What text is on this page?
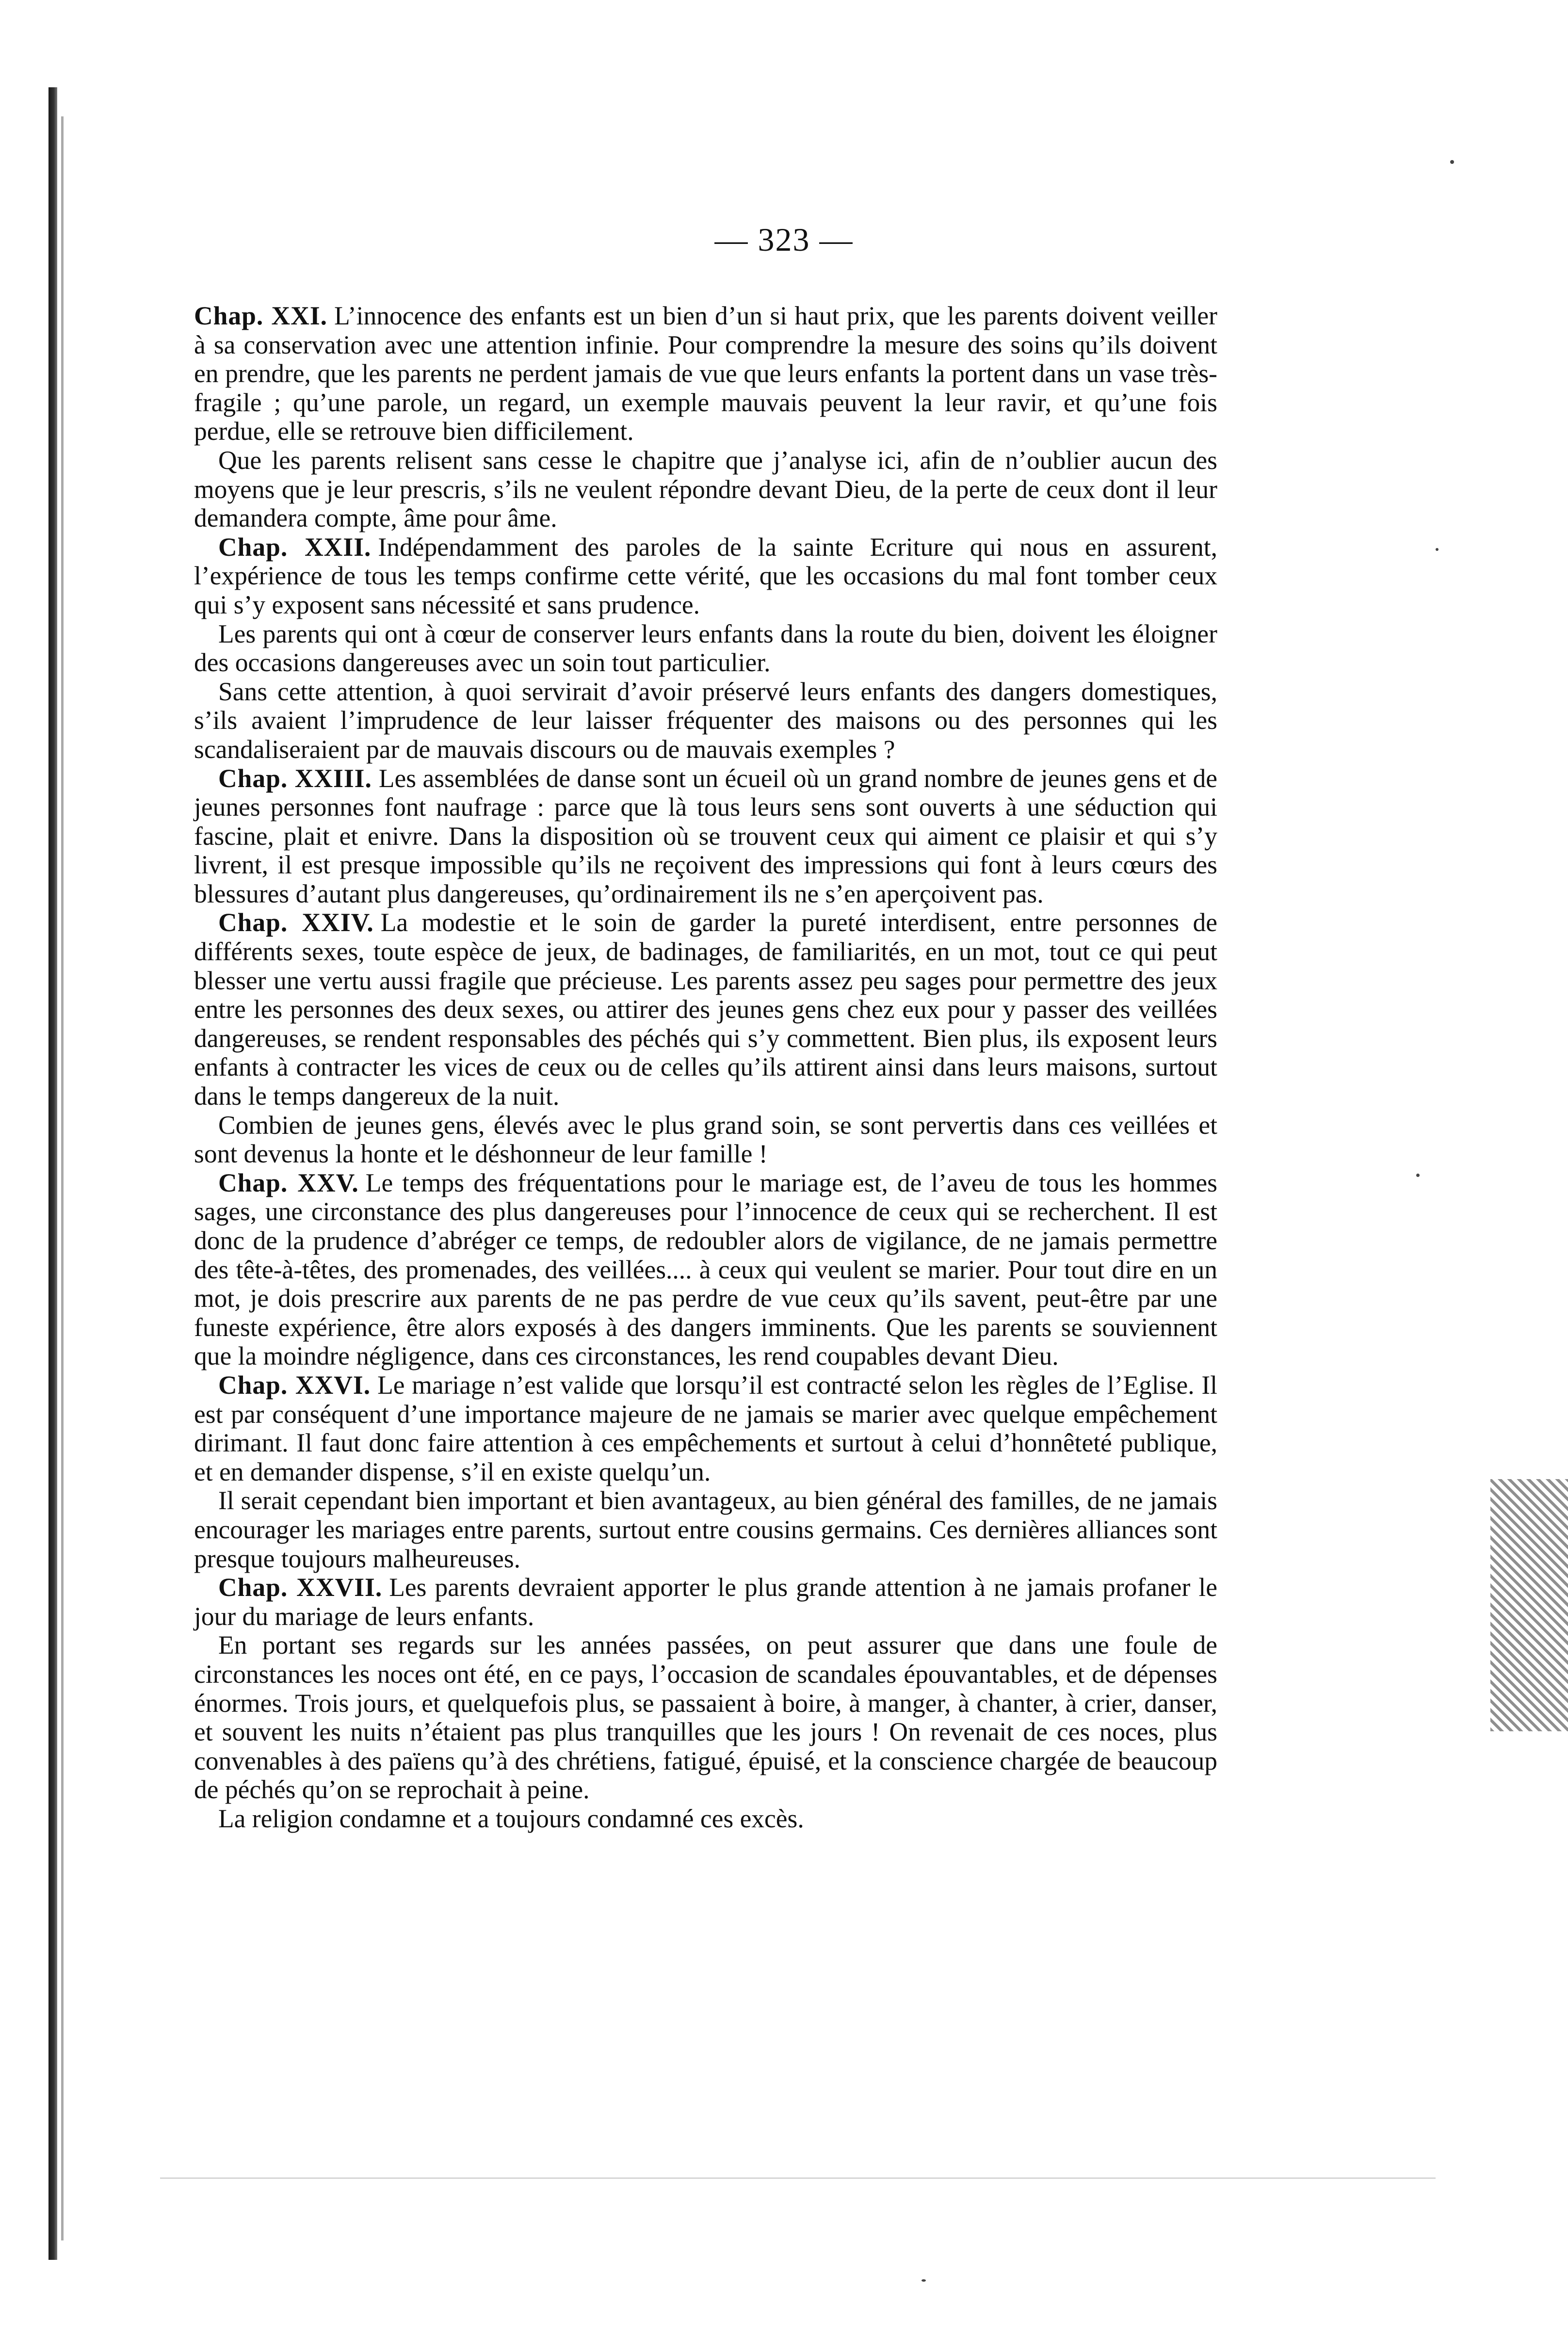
— 323 —

Chap. XXI. L’innocence des enfants est un bien d’un si haut prix, que les parents doivent veiller à sa conservation avec une attention infinie. Pour comprendre la mesure des soins qu’ils doivent en prendre, que les parents ne perdent jamais de vue que leurs enfants la portent dans un vase très-fragile ; qu’une parole, un regard, un exemple mauvais peuvent la leur ravir, et qu’une fois perdue, elle se retrouve bien difficilement.

Que les parents relisent sans cesse le chapitre que j’analyse ici, afin de n’oublier aucun des moyens que je leur prescris, s’ils ne veulent répondre devant Dieu, de la perte de ceux dont il leur demandera compte, âme pour âme.

Chap. XXII. Indépendamment des paroles de la sainte Ecriture qui nous en assurent, l’expérience de tous les temps confirme cette vérité, que les occasions du mal font tomber ceux qui s’y exposent sans nécessité et sans prudence.

Les parents qui ont à cœur de conserver leurs enfants dans la route du bien, doivent les éloigner des occasions dangereuses avec un soin tout particulier.

Sans cette attention, à quoi servirait d’avoir préservé leurs enfants des dangers domestiques, s’ils avaient l’imprudence de leur laisser fréquenter des maisons ou des personnes qui les scandaliseraient par de mauvais discours ou de mauvais exemples ?

Chap. XXIII. Les assemblées de danse sont un écueil où un grand nombre de jeunes gens et de jeunes personnes font naufrage : parce que là tous leurs sens sont ouverts à une séduction qui fascine, plait et enivre. Dans la disposition où se trouvent ceux qui aiment ce plaisir et qui s’y livrent, il est presque impossible qu’ils ne reçoivent des impressions qui font à leurs cœurs des blessures d’autant plus dangereuses, qu’ordinairement ils ne s’en aperçoivent pas.

Chap. XXIV. La modestie et le soin de garder la pureté interdisent, entre personnes de différents sexes, toute espèce de jeux, de badinages, de familiarités, en un mot, tout ce qui peut blesser une vertu aussi fragile que précieuse. Les parents assez peu sages pour permettre des jeux entre les personnes des deux sexes, ou attirer des jeunes gens chez eux pour y passer des veillées dangereuses, se rendent responsables des péchés qui s’y commettent. Bien plus, ils exposent leurs enfants à contracter les vices de ceux ou de celles qu’ils attirent ainsi dans leurs maisons, surtout dans le temps dangereux de la nuit.

Combien de jeunes gens, élevés avec le plus grand soin, se sont pervertis dans ces veillées et sont devenus la honte et le déshonneur de leur famille !

Chap. XXV. Le temps des fréquentations pour le mariage est, de l’aveu de tous les hommes sages, une circonstance des plus dangereuses pour l’innocence de ceux qui se recherchent. Il est donc de la prudence d’abréger ce temps, de redoubler alors de vigilance, de ne jamais permettre des tête-à-têtes, des promenades, des veillées.... à ceux qui veulent se marier. Pour tout dire en un mot, je dois prescrire aux parents de ne pas perdre de vue ceux qu’ils savent, peut-être par une funeste expérience, être alors exposés à des dangers imminents. Que les parents se souviennent que la moindre négligence, dans ces circonstances, les rend coupables devant Dieu.

Chap. XXVI. Le mariage n’est valide que lorsqu’il est contracté selon les règles de l’Eglise. Il est par conséquent d’une importance majeure de ne jamais se marier avec quelque empêchement dirimant. Il faut donc faire attention à ces empêchements et surtout à celui d’honnêteté publique, et en demander dispense, s’il en existe quelqu’un.

Il serait cependant bien important et bien avantageux, au bien général des familles, de ne jamais encourager les mariages entre parents, surtout entre cousins germains. Ces dernières alliances sont presque toujours malheureuses.

Chap. XXVII. Les parents devraient apporter le plus grande attention à ne jamais profaner le jour du mariage de leurs enfants.

En portant ses regards sur les années passées, on peut assurer que dans une foule de circonstances les noces ont été, en ce pays, l’occasion de scandales épouvantables, et de dépenses énormes. Trois jours, et quelquefois plus, se passaient à boire, à manger, à chanter, à crier, danser, et souvent les nuits n’étaient pas plus tranquilles que les jours ! On revenait de ces noces, plus convenables à des païens qu’à des chrétiens, fatigué, épuisé, et la conscience chargée de beaucoup de péchés qu’on se reprochait à peine.

La religion condamne et a toujours condamné ces excès.
